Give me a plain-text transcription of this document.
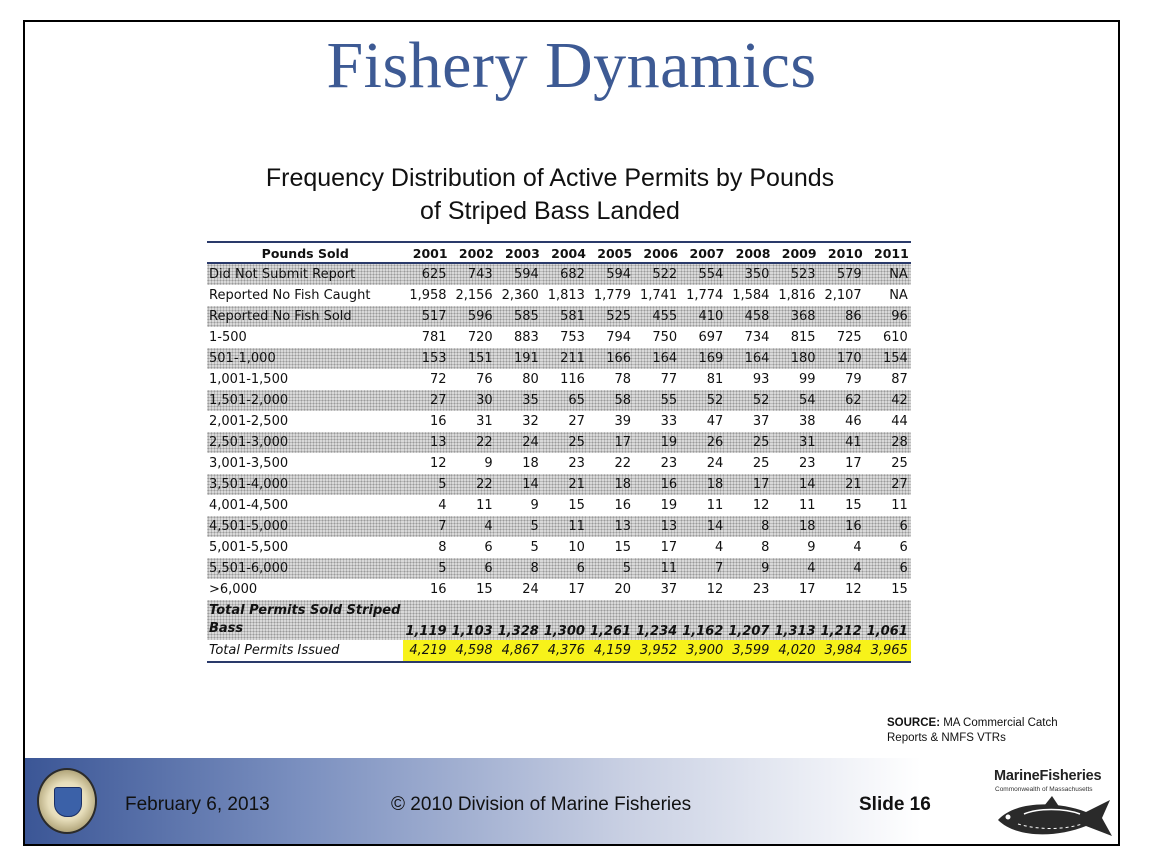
Fishery Dynamics
Frequency Distribution of Active Permits by Pounds
of Striped Bass Landed
Pounds Sold	2001	2002	2003	2004	2005	2006	2007	2008	2009	2010	2011
Did Not Submit Report	625	743	594	682	594	522	554	350	523	579	NA
Reported No Fish Caught	1,958	2,156	2,360	1,813	1,779	1,741	1,774	1,584	1,816	2,107	NA
Reported No Fish Sold	517	596	585	581	525	455	410	458	368	86	96
1-500	781	720	883	753	794	750	697	734	815	725	610
501-1,000	153	151	191	211	166	164	169	164	180	170	154
1,001-1,500	72	76	80	116	78	77	81	93	99	79	87
1,501-2,000	27	30	35	65	58	55	52	52	54	62	42
2,001-2,500	16	31	32	27	39	33	47	37	38	46	44
2,501-3,000	13	22	24	25	17	19	26	25	31	41	28
3,001-3,500	12	9	18	23	22	23	24	25	23	17	25
3,501-4,000	5	22	14	21	18	16	18	17	14	21	27
4,001-4,500	4	11	9	15	16	19	11	12	11	15	11
4,501-5,000	7	4	5	11	13	13	14	8	18	16	6
5,001-5,500	8	6	5	10	15	17	4	8	9	4	6
5,501-6,000	5	6	8	6	5	11	7	9	4	4	6
>6,000	16	15	24	17	20	37	12	23	17	12	15

Total Permits Sold Striped
Bass	1,119	1,103	1,328	1,300	1,261	1,234	1,162	1,207	1,313	1,212	1,061
Total Permits Issued	4,219	4,598	4,867	4,376	4,159	3,952	3,900	3,599	4,020	3,984	3,965
SOURCE: MA Commercial Catch
Reports & NMFS VTRs
February 6, 2013	© 2010 Division of Marine Fisheries	Slide 16
MarineFisheries
Commonwealth of Massachusetts
